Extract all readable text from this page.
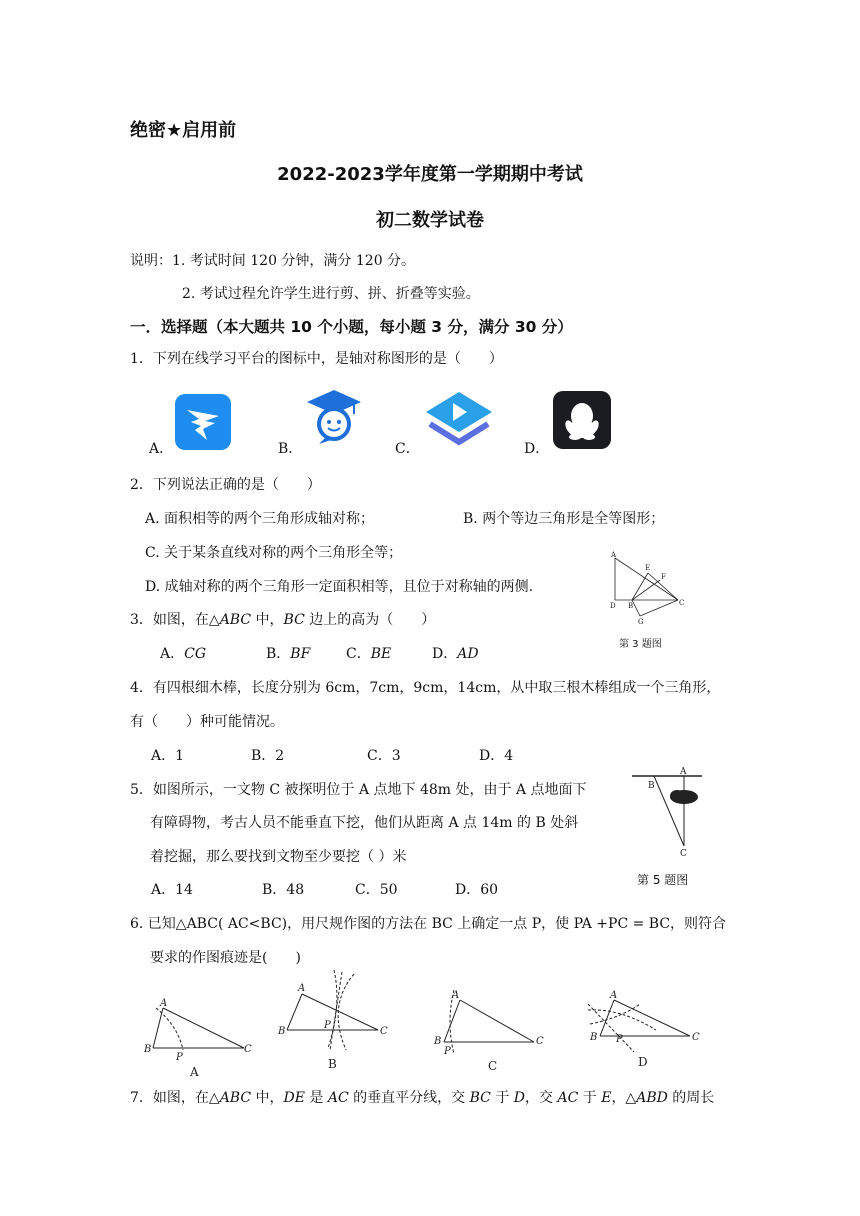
绝密★启用前
2022-2023学年度第一学期期中考试
初二数学试卷
说明：1. 考试时间 120 分钟，满分 120 分。
2. 考试过程允许学生进行剪、拼、折叠等实验。
一．选择题（本大题共 10 个小题，每小题 3 分，满分 30 分）
1．下列在线学习平台的图标中，是轴对称图形的是（　　）
A．	B．	C．	D．
2．下列说法正确的是（　　）
A. 面积相等的两个三角形成轴对称；	B. 两个等边三角形是全等图形；
C. 关于某条直线对称的两个三角形全等；
D. 成轴对称的两个三角形一定面积相等，且位于对称轴的两侧.
A
E
F
D B	C
G
第 3 题图
3．如图，在△ABC 中，BC 边上的高为（　　）
A．CG	B．BF	C．BE	D．AD
4．有四根细木棒，长度分别为 6cm，7cm，9cm，14cm，从中取三根木棒组成一个三角形，
有（　　）种可能情况。
A．1	B．2	C．3	D．4
5．如图所示，一文物 C 被探明位于 A 点地下 48m 处，由于 A 点地面下
有障碍物，考古人员不能垂直下挖，他们从距离 A 点 14m 的 B 处斜
着挖掘，那么要找到文物至少要挖（ ）米
A．14	B．48	C．50	D．60
A
B
C
第 5 题图
6. 已知△ABC( AC<BC)，用尺规作图的方法在 BC 上确定一点 P，使 PA +PC = BC，则符合
要求的作图痕迹是(　　)
A
B	C
P
A
A
B	C
P
B
A
B	C
P
C
A
B	C
P
D
7．如图，在△ABC 中，DE 是 AC 的垂直平分线，交 BC 于 D，交 AC 于 E，△ABD 的周长
